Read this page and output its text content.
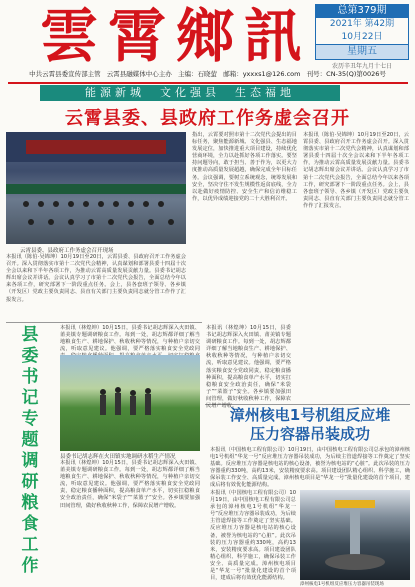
雲霄鄉訊	总第379期
2021年 第42期
10月22日
星期五
农历辛丑年九月十七日
中共云霄县委宣传部主管 云霄县融媒体中心主办 主编：石晓萤 邮箱：yxxxs1@126.com 刊号：CN-35(Q)第0026号
能源新城　文化强县　生态福地
云霄县委、县政府工作务虚会召开
云霄县委、县政府工作务虚会召开现场
本报讯（陈伯·吴锦坤）10月19日至20日，云霄县委、县政府召开工作务虚会召开。深入贯彻落实市第十二次党代会精神，认真谋划和部署县委十四届十次全会以来和下半年各项工作，为推动云霄高质量发展贡献力量。县委书记胡志辉出席会议并讲话。会议认真学习了市第十二次党代会报告，全面总结今年以来各项工作，研究部署下一阶段重点任务。会上，县各套班子领导、各乡镇（开发区）党政主要负责同志、县直有关部门主要负责同志就分管工作作了汇报发言。
指出，云霄要对照市第十二次党代会提出的目标任务，聚焦能源新城、文化强县、生态福地发展定位，加快推进重大项目建设，持续优化营商环境，全力以赴抓好各项工作落实。要坚持问题导向，敢于担当、善于作为，以更大力度推动高质量发展超越，确保完成全年目标任务。会议强调，要树立系统观念，统筹发展和安全，坚决守住不发生规模性返贫底线，全力以赴做好疫情防控、安全生产和信访维稳工作，以优异成绩迎接党的二十大胜利召开。
本报讯（陈伯·吴锦坤）10月19日至20日，云霄县委、县政府召开工作务虚会召开。深入贯彻落实市第十二次党代会精神，认真谋划和部署县委十四届十次全会以来和下半年各项工作，为推动云霄高质量发展贡献力量。县委书记胡志辉出席会议并讲话。会议认真学习了市第十二次党代会报告，全面总结今年以来各项工作，研究部署下一阶段重点任务。会上，县各套班子领导、各乡镇（开发区）党政主要负责同志、县直有关部门主要负责同志就分管工作作了汇报发言。
县
委
书
记
专
题
调
研
粮
食
工
作
本报讯（林煌坤）10月15日，县委书记胡志辉深入火田镇、莆美镇专题调研粮食工作。每到一处，胡志辉都详细了解当地粮食生产、耕地保护、秋收秋种等情况，与种植户亲切交流，听取意见建议。他强调，要严格落实粮食安全党政同
县委书记胡志辉在火田镇实地调研水稻生产情况
本报讯（林煌坤）10月15日，县委书记胡志辉深入火田镇、莆美镇专题调研粮食工作。每到一处，胡志辉都详细了解当地粮食生产、耕地保护、秋收秋种等情况，与种植户亲切交流，听取意见建议。他强调，要严格落实粮食安全党政同责，稳定粮食播种面积，提高粮食单产水平，切实扛稳粮食安全政治责任，确保“米袋子”“菜篮子”安全。各乡镇要加强田间管理，做好秋收秋种工作，保障农民增产增收。
本报讯（林煌坤）10月15日，县委书记胡志辉深入火田镇、莆美镇专题调研粮食工作。每到一处，胡志辉都详细了解当地粮食生产、耕地保护、秋收秋种等情况，与种植户亲切交流，听取意见建议。他强调，要严格落实粮食安全党政同责，稳定粮食播种面积，提高粮食单产水平，切实扛稳粮食安全政治责任，确保“米袋子”“菜篮子”安全。各乡镇要加强田间管理，做好秋收秋种工作，保障农民增产增收。
漳州核电1号机组反应堆
压力容器吊装成功
本报讯（中国核电工程有限公司）10月19日，由中国核电工程有限公司总承包的漳州核电1号机组“华龙一号”反应堆压力容器吊装成功，为后续主管道焊接等工作奠定了坚实基础。反应堆压力容器是核电站的核心设备，被誉为核电站的“心脏”。此次吊装的压力容器重约330吨，高约13米，安装精度要求高。项目建设团队精心组织、科学施工，确保吊装工作安全、高质量完成。漳州核电项目是“华龙一号”批量化建设的首个项目，建成后将有效优化能源结构。
本报讯（中国核电工程有限公司）10月19日，由中国核电工程有限公司总承包的漳州核电1号机组“华龙一号”反应堆压力容器吊装成功，为后续主管道焊接等工作奠定了坚实基础。反应堆压力容器是核电站的核心设备，被誉为核电站的“心脏”。此次吊装的压力容器重约330吨，高约13米，安装精度要求高。项目建设团队精心组织、科学施工，确保吊装工作安全、高质量完成。漳州核电项目是“华龙一号”批量化建设的首个项目，建成后将有效优化能源结构。
漳州核电1号机组反应堆压力容器吊装现场
